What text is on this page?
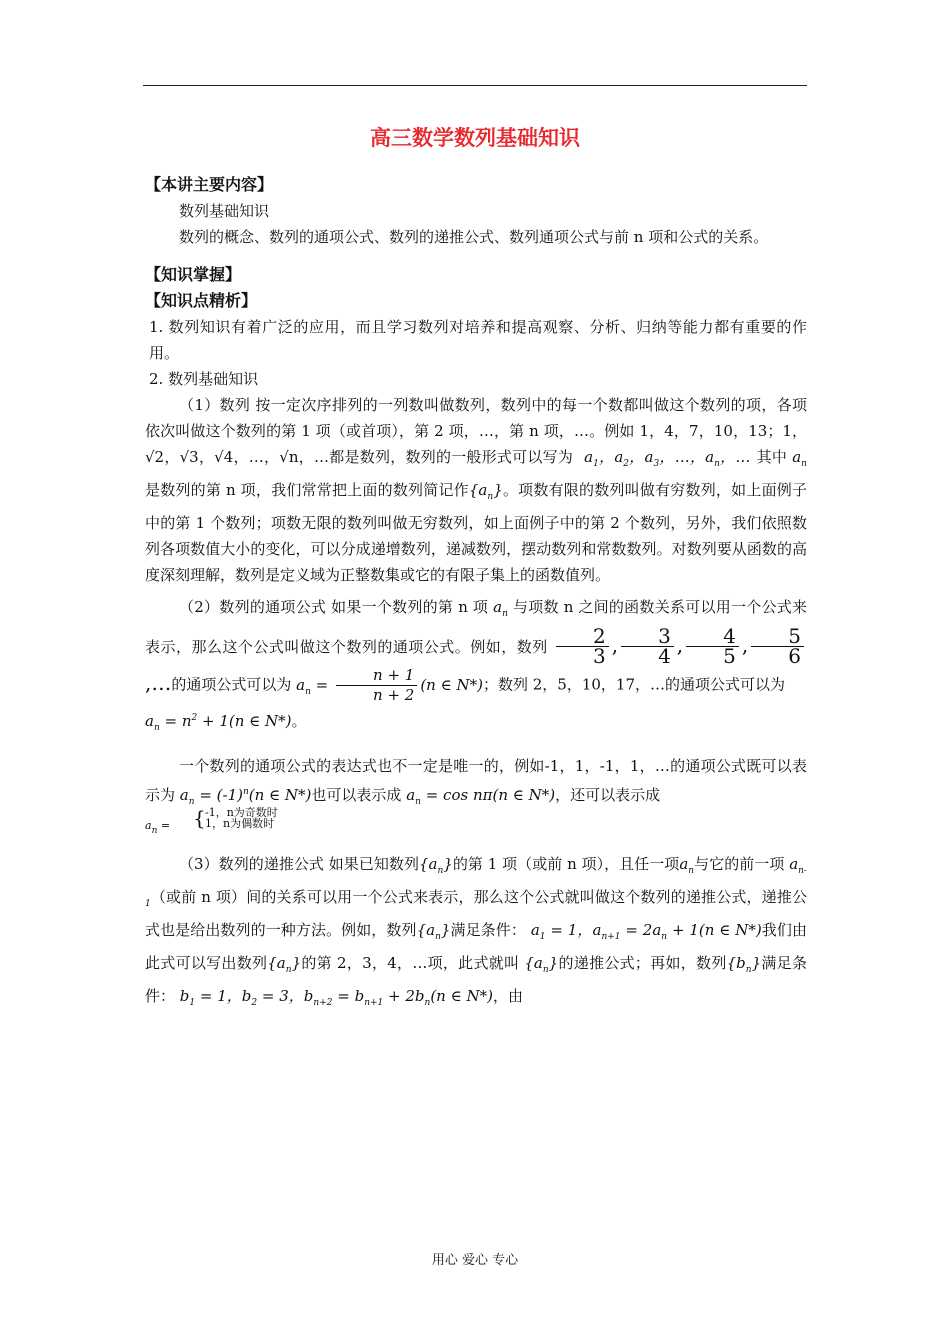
高三数学数列基础知识

【本讲主要内容】

数列基础知识

数列的概念、数列的通项公式、数列的递推公式、数列通项公式与前 n 项和公式的关系。

【知识掌握】

【知识点精析】

1. 数列知识有着广泛的应用，而且学习数列对培养和提高观察、分析、归纳等能力都有重要的作用。

2. 数列基础知识

（1）数列 按一定次序排列的一列数叫做数列，数列中的每一个数都叫做这个数列的项，各项依次叫做这个数列的第 1 项（或首项），第 2 项，…，第 n 项，…。例如 1，4，7，10，13；1， √2，√3，√4，…，√n，…都是数列，数列的一般形式可以写为 $a_1$，$a_2$，$a_3$，…，$a_n$，… 其中 $a_n$是数列的第 n 项，我们常常把上面的数列简记作$\{a_n\}$。项数有限的数列叫做有穷数列，如上面例子中的第 1 个数列；项数无限的数列叫做无穷数列，如上面例子中的第 2 个数列，另外，我们依照数列各项数值大小的变化，可以分成递增数列，递减数列，摆动数列和常数数列。对数列要从函数的高度深刻理解，数列是定义域为正整数集或它的有限子集上的函数值列。

（2）数列的通项公式 如果一个数列的第 n 项 $a_n$ 与项数 n 之间的函数关系可以用一个公式来表示，那么这个公式叫做这个数列的通项公式。例如，数列 $\frac{2}{3}$ , $\frac{3}{4}$ , $\frac{4}{5}$ , $\frac{5}{6}$
,…的通项公式可以为 $a_n = \frac{n + 1}{n + 2} (n$ ∈ N*)；数列 2，5，10，17，…的通项公式可以为
$a_n = n^2 + 1(n$ ∈ N*)。

一个数列的通项公式的表达式也不一定是唯一的，例如-1，1，-1，1，…的通项公式既可以表示为 $a_n = (-1)^n(n$ ∈ N*)也可以表示成 $a_n = \cos n\pi(n$ ∈ N*)，还可以表示成

$a_n$ = { -1，n为奇数时
1，n为偶数时

（3）数列的递推公式 如果已知数列$\{a_n\}$的第 1 项（或前 n 项），且任一项$a_n$与它的前一项 $a_{n-1}$（或前 n 项）间的关系可以用一个公式来表示，那么这个公式就叫做这个数列的递推公式，递推公式也是给出数列的一种方法。例如，数列$\{a_n\}$满足条件： $a_1 = 1$，$a_{n+1} = 2a_n + 1(n$ ∈ N*)我们由此式可以写出数列$\{a_n\}$的第 2，3，4，…项，此式就叫 $\{a_n\}$的递推公式；再如，数列$\{b_n\}$满足条件： $b_1 = 1$，$b_2 = 3$，$b_{n+2} = b_{n+1} + 2b_n(n$ ∈ N*)，由

用心 爱心 专心
